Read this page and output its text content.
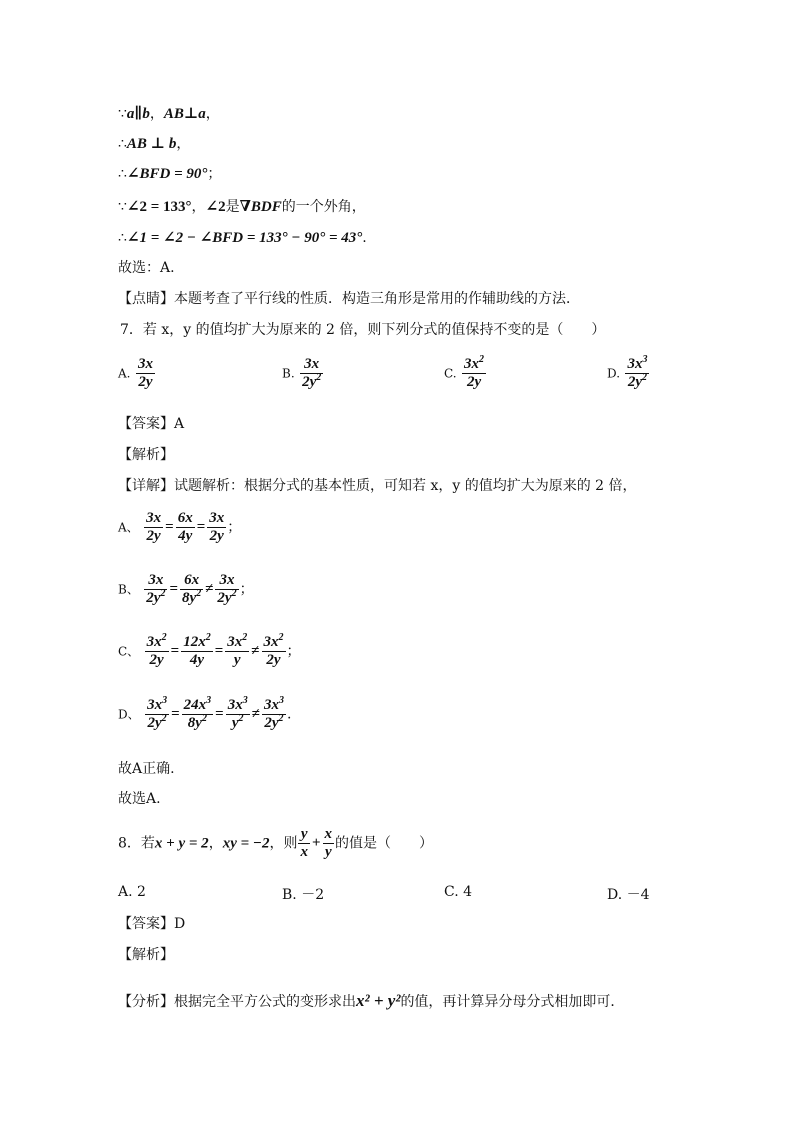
∵a∥b，AB⊥a，
∴AB ⊥ b，
∴∠BFD = 90°；
∵∠2 = 133°，∠2是∇BDF的一个外角，
∴∠1 = ∠2 − ∠BFD = 133° − 90° = 43°.
故选：A.
【点睛】本题考查了平行线的性质．构造三角形是常用的作辅助线的方法．
7．若 x，y 的值均扩大为原来的 2 倍，则下列分式的值保持不变的是（　　）
A. $\frac{3x}{2y}$	B. $\frac{3x}{2y^2}$	C. $\frac{3x^2}{2y}$	D. $\frac{3x^3}{2y^2}$
【答案】A
【解析】
【详解】试题解析：根据分式的基本性质，可知若 x，y 的值均扩大为原来的 2 倍，
A、 $\frac{3x}{2y} = \frac{6x}{4y} = \frac{3x}{2y}$ ；
B、 $\frac{3x}{2y^2} = \frac{6x}{8y^2} \ne \frac{3x}{2y^2}$ ；
C、 $\frac{3x^2}{2y} = \frac{12x^2}{4y} = \frac{3x^2}{y} \ne \frac{3x^2}{2y}$ ；
D、 $\frac{3x^3}{2y^2} = \frac{24x^3}{8y^2} = \frac{3x^3}{y^2} \ne \frac{3x^3}{2y^2}$ .
故A正确.
故选A.
8．若x + y = 2，xy = −2，则 $\frac{y}{x} + \frac{x}{y}$ 的值是（　　）
A. 2	B. －2	C. 4	D. －4
【答案】D
【解析】
【分析】根据完全平方公式的变形求出x² + y²的值，再计算异分母分式相加即可．
